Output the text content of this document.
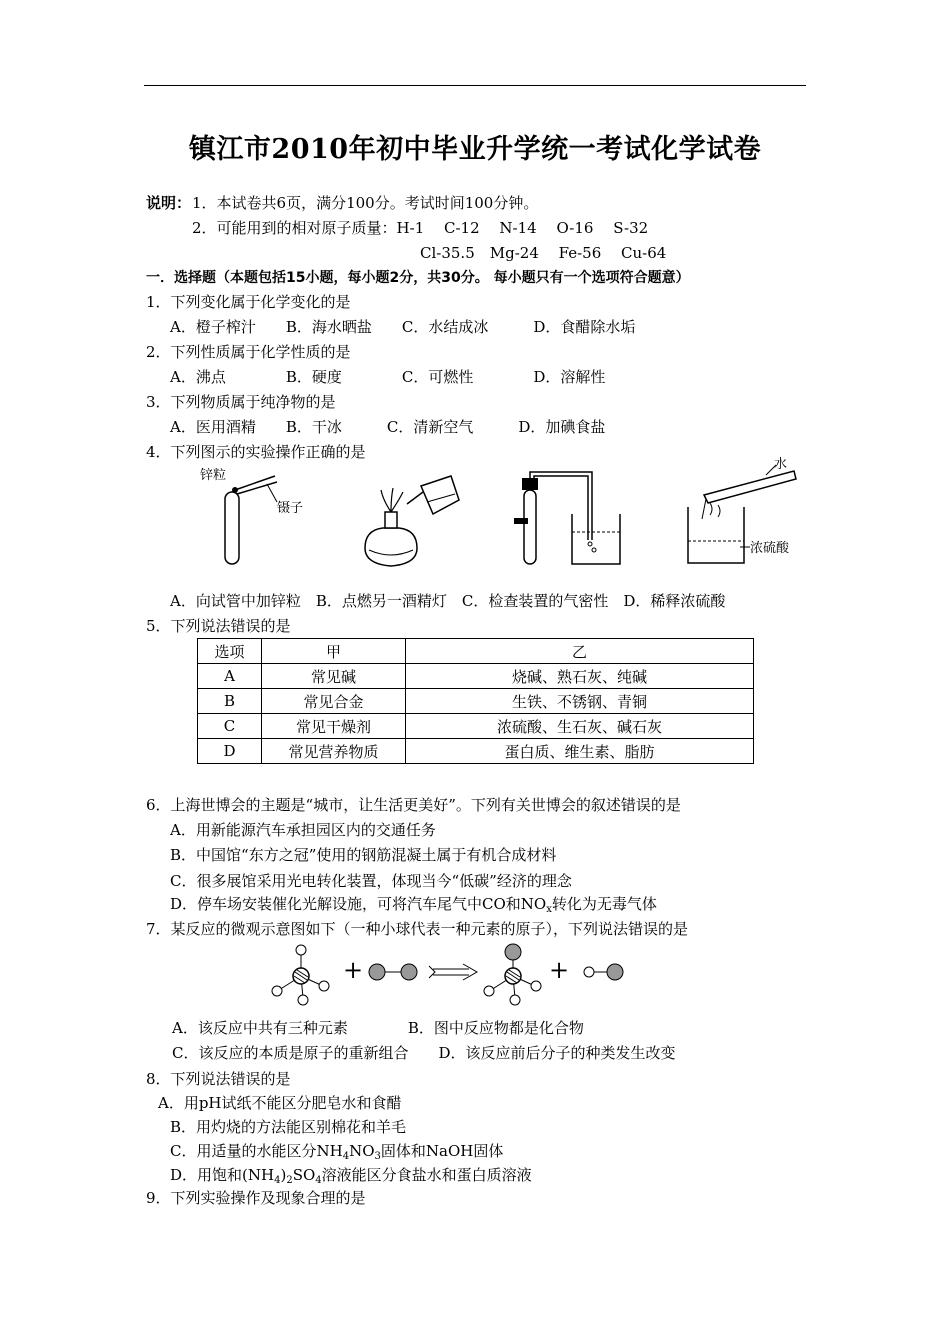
镇江市2010年初中毕业升学统一考试化学试卷
说明： 1．本试卷共6页，满分100分。考试时间100分钟。
2．可能用到的相对原子质量：H-1　 C-12　 N-14　 O-16　 S-32
Cl-35.5　Mg-24　 Fe-56　 Cu-64
一．选择题（本题包括15小题，每小题2分，共30分。 每小题只有一个选项符合题意）
1．下列变化属于化学变化的是
A．橙子榨汁　　B．海水晒盐　　C．水结成冰　　　D．食醋除水垢
2．下列性质属于化学性质的是
A．沸点　　　　B．硬度　　　　C．可燃性　　　　D．溶解性
3．下列物质属于纯净物的是
A．医用酒精　　B．干冰　　　C．清新空气　　　D．加碘食盐
4．下列图示的实验操作正确的是
锌粒
镊子
水
浓硫酸
A．向试管中加锌粒　B．点燃另一酒精灯　C．检查装置的气密性　D．稀释浓硫酸
5．下列说法错误的是
选项	甲	乙
A	常见碱	烧碱、熟石灰、纯碱
B	常见合金	生铁、不锈钢、青铜
C	常见干燥剂	浓硫酸、生石灰、碱石灰
D	常见营养物质	蛋白质、维生素、脂肪
6．上海世博会的主题是“城市，让生活更美好”。下列有关世博会的叙述错误的是
A．用新能源汽车承担园区内的交通任务
B．中国馆“东方之冠”使用的钢筋混凝土属于有机合成材料
C．很多展馆采用光电转化装置，体现当今“低碳”经济的理念
D．停车场安装催化光解设施，可将汽车尾气中CO和$NO_x$转化为无毒气体
7．某反应的微观示意图如下（一种小球代表一种元素的原子），下列说法错误的是
+	+
A．该反应中共有三种元素　　　　B．图中反应物都是化合物
C．该反应的本质是原子的重新组合　　D．该反应前后分子的种类发生改变
8．下列说法错误的是
A．用pH试纸不能区分肥皂水和食醋
B．用灼烧的方法能区别棉花和羊毛
C．用适量的水能区分$NH_4NO_3$固体和NaOH固体
D．用饱和$(NH_4)_2SO_4$溶液能区分食盐水和蛋白质溶液
9．下列实验操作及现象合理的是
